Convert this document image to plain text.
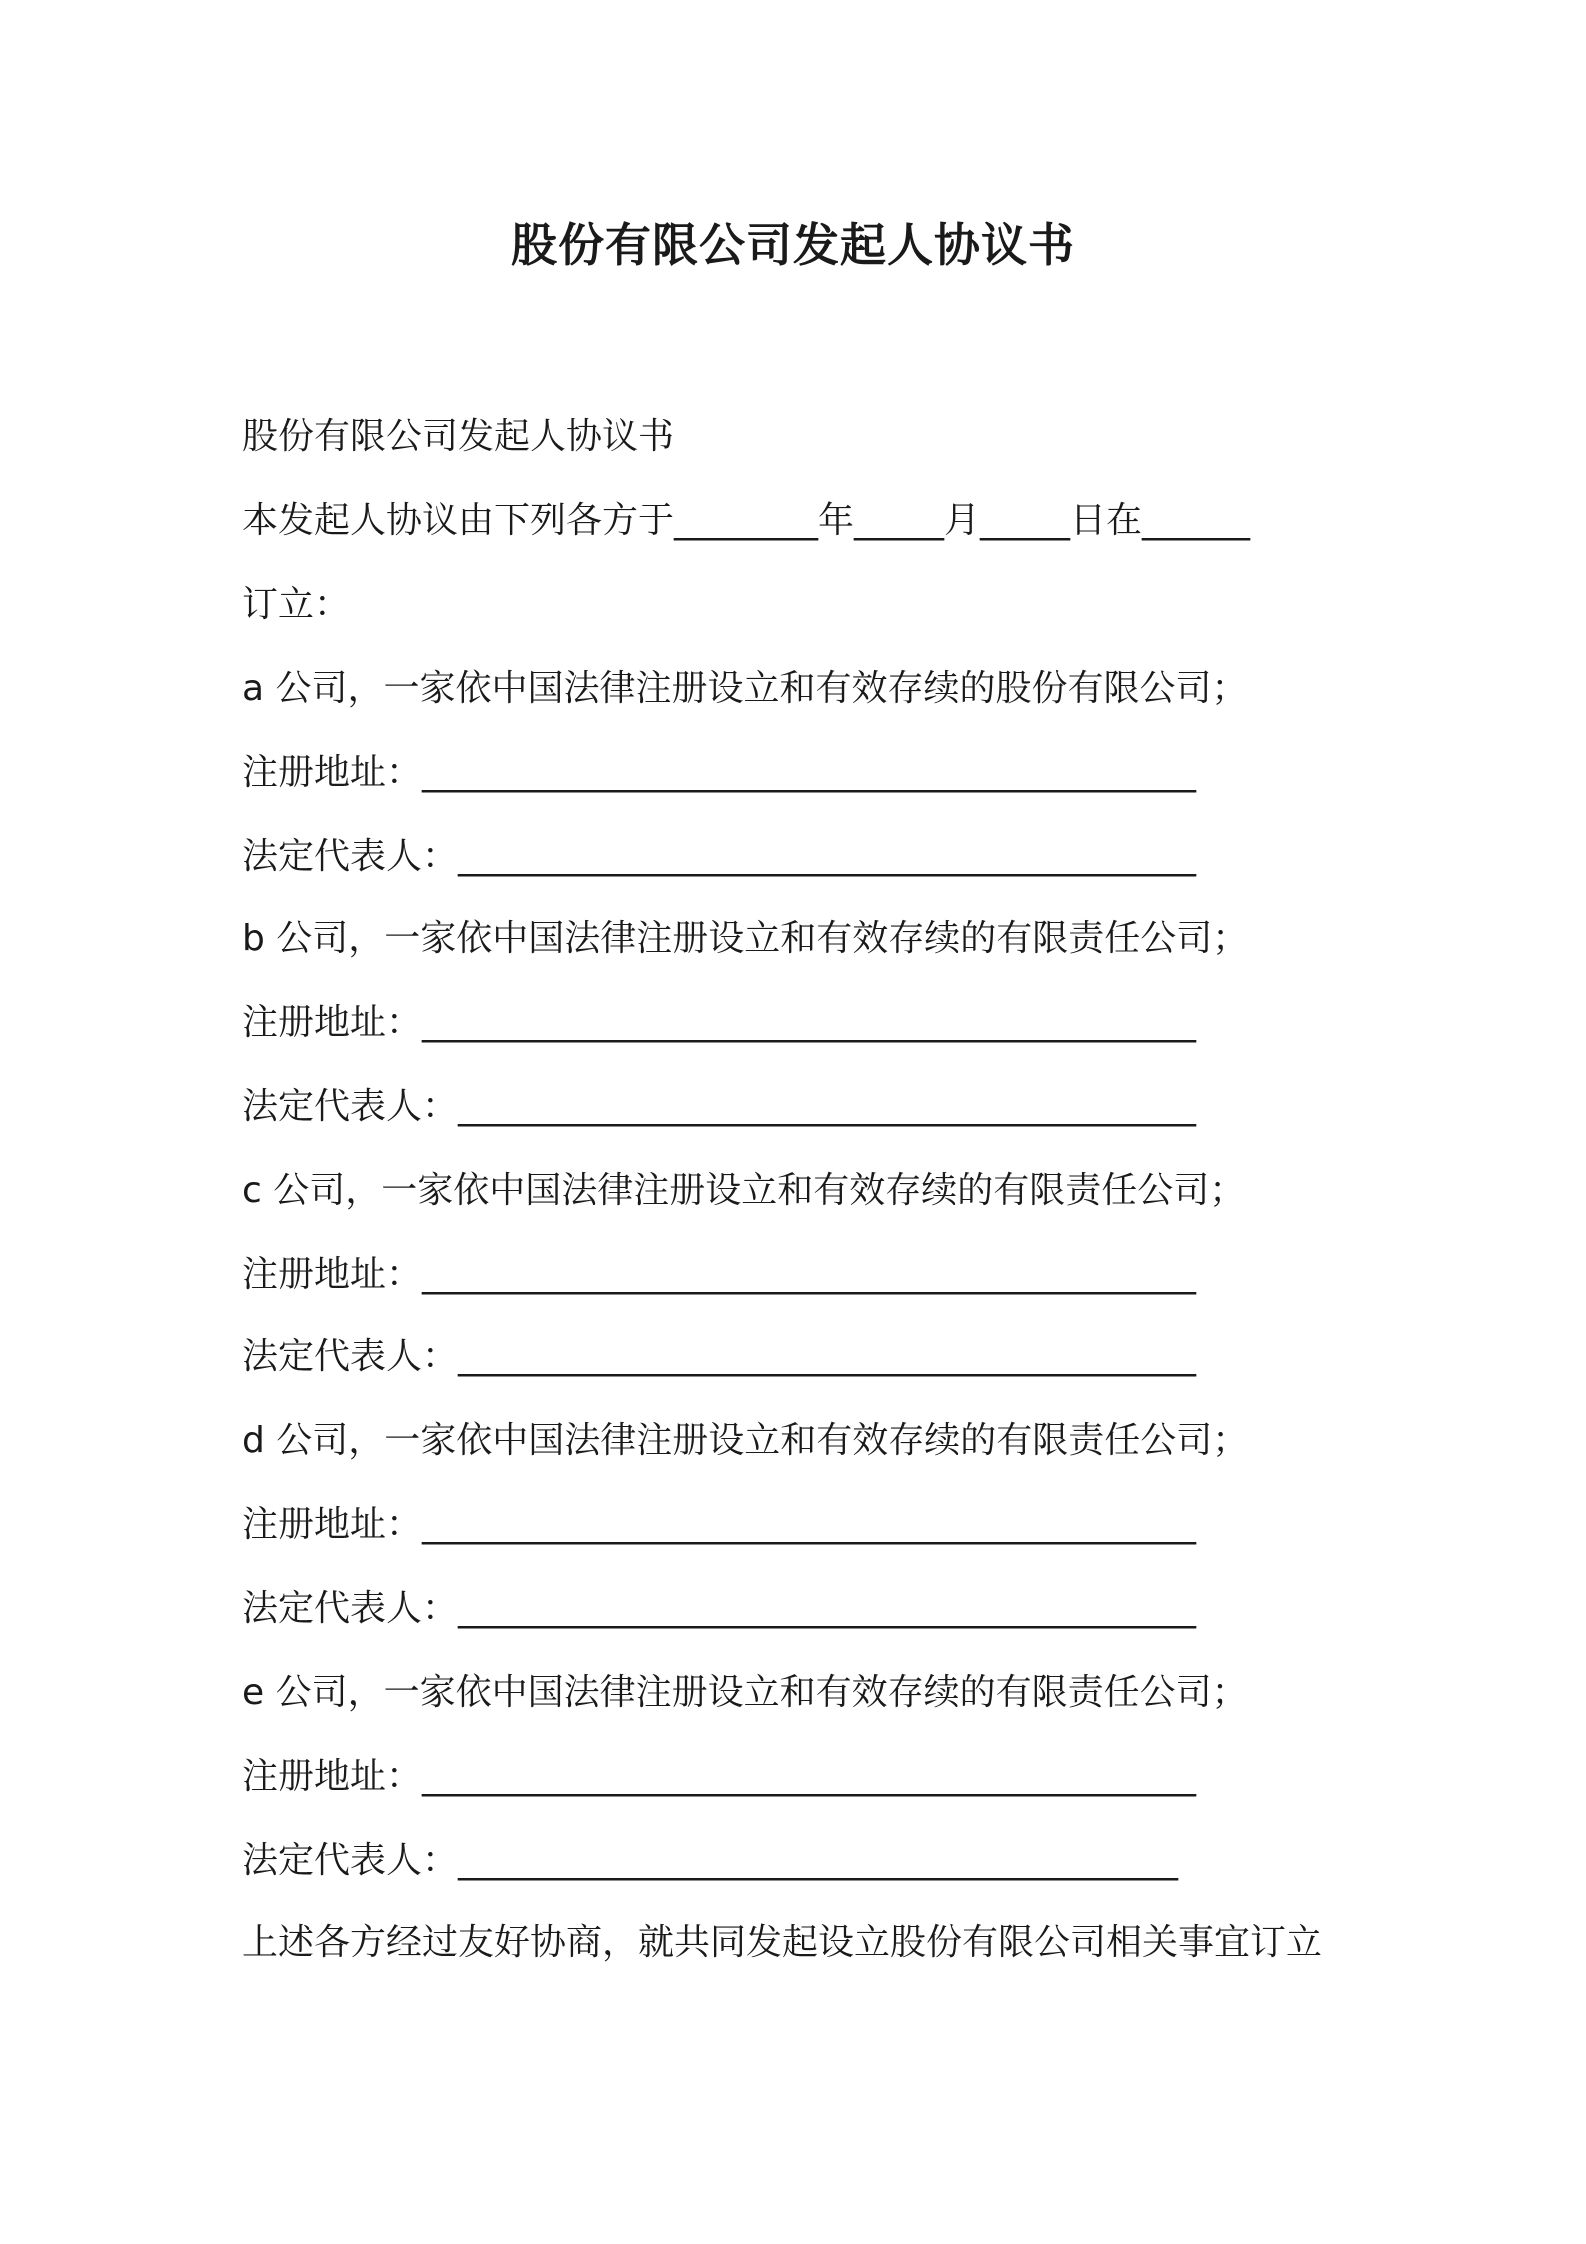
股份有限公司发起人协议书
股份有限公司发起人协议书
本发起人协议由下列各方于________年_____月_____日在______
订立：
a 公司，一家依中国法律注册设立和有效存续的股份有限公司；
注册地址：___________________________________________
法定代表人：_________________________________________
b 公司，一家依中国法律注册设立和有效存续的有限责任公司；
注册地址：___________________________________________
法定代表人：_________________________________________
c 公司，一家依中国法律注册设立和有效存续的有限责任公司；
注册地址：___________________________________________
法定代表人：_________________________________________
d 公司，一家依中国法律注册设立和有效存续的有限责任公司；
注册地址：___________________________________________
法定代表人：_________________________________________
e 公司，一家依中国法律注册设立和有效存续的有限责任公司；
注册地址：___________________________________________
法定代表人：________________________________________
上述各方经过友好协商，就共同发起设立股份有限公司相关事宜订立
